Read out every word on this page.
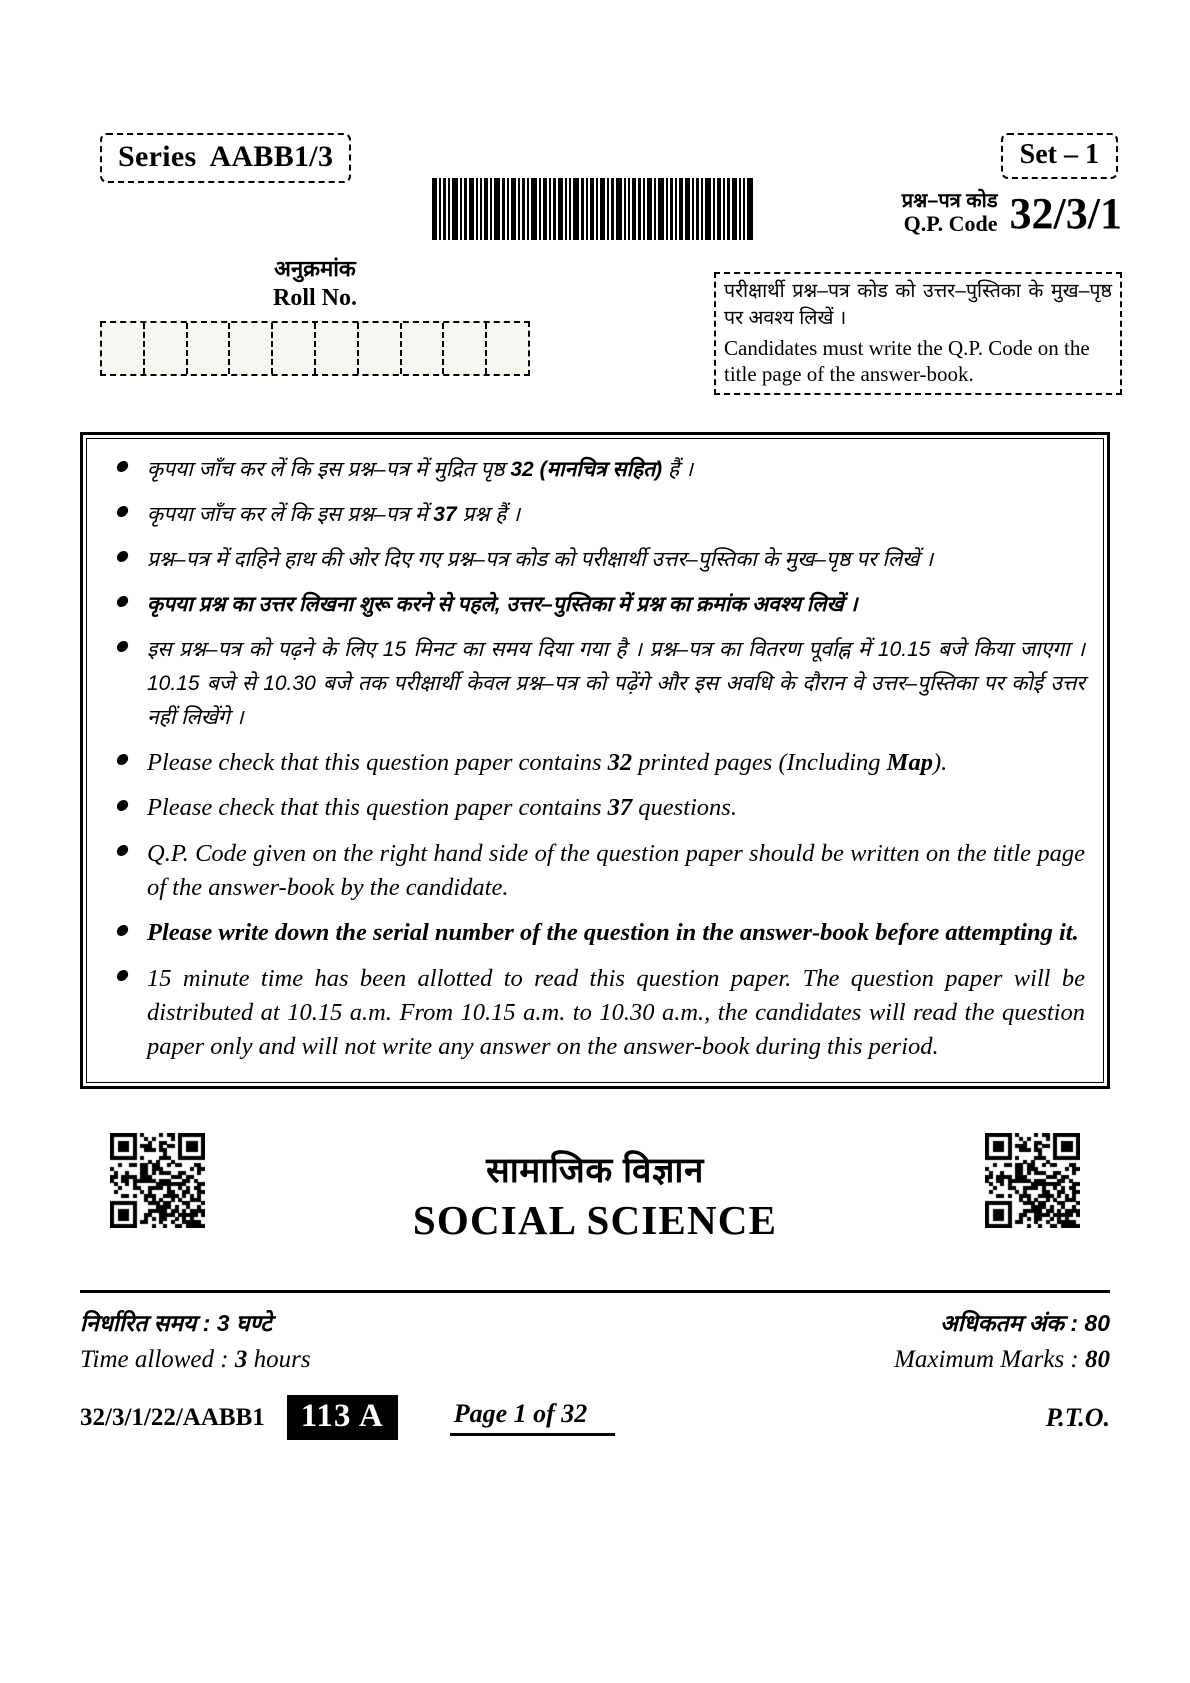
Series AABB1/3	Set – 1
प्रश्न–पत्र कोड
Q.P. Code 32/3/1
अनुक्रमांक
Roll No.	परीक्षार्थी प्रश्न–पत्र कोड को उत्तर–पुस्तिका के मुख–पृष्ठ पर अवश्य लिखें ।
Candidates must write the Q.P. Code on the title page of the answer-book.
कृपया जाँच कर लें कि इस प्रश्न–पत्र में मुद्रित पृष्ठ 32 (मानचित्र सहित) हैं ।
कृपया जाँच कर लें कि इस प्रश्न–पत्र में 37 प्रश्न हैं ।
प्रश्न–पत्र में दाहिने हाथ की ओर दिए गए प्रश्न–पत्र कोड को परीक्षार्थी उत्तर–पुस्तिका के मुख–पृष्ठ पर लिखें ।
कृपया प्रश्न का उत्तर लिखना शुरू करने से पहले, उत्तर–पुस्तिका में प्रश्न का क्रमांक अवश्य लिखें ।
इस प्रश्न–पत्र को पढ़ने के लिए 15 मिनट का समय दिया गया है । प्रश्न–पत्र का वितरण पूर्वाह्न में 10.15 बजे किया जाएगा । 10.15 बजे से 10.30 बजे तक परीक्षार्थी केवल प्रश्न–पत्र को पढ़ेंगे और इस अवधि के दौरान वे उत्तर–पुस्तिका पर कोई उत्तर नहीं लिखेंगे ।
Please check that this question paper contains 32 printed pages (Including Map).
Please check that this question paper contains 37 questions.
Q.P. Code given on the right hand side of the question paper should be written on the title page of the answer-book by the candidate.
Please write down the serial number of the question in the answer-book before attempting it.
15 minute time has been allotted to read this question paper. The question paper will be distributed at 10.15 a.m. From 10.15 a.m. to 10.30 a.m., the candidates will read the question paper only and will not write any answer on the answer-book during this period.
सामाजिक विज्ञान
SOCIAL SCIENCE
निर्धारित समय : 3 घण्टे
Time allowed : 3 hours
अधिकतम अंक : 80
Maximum Marks : 80
32/3/1/22/AABB1	113 A	Page 1 of 32	P.T.O.
